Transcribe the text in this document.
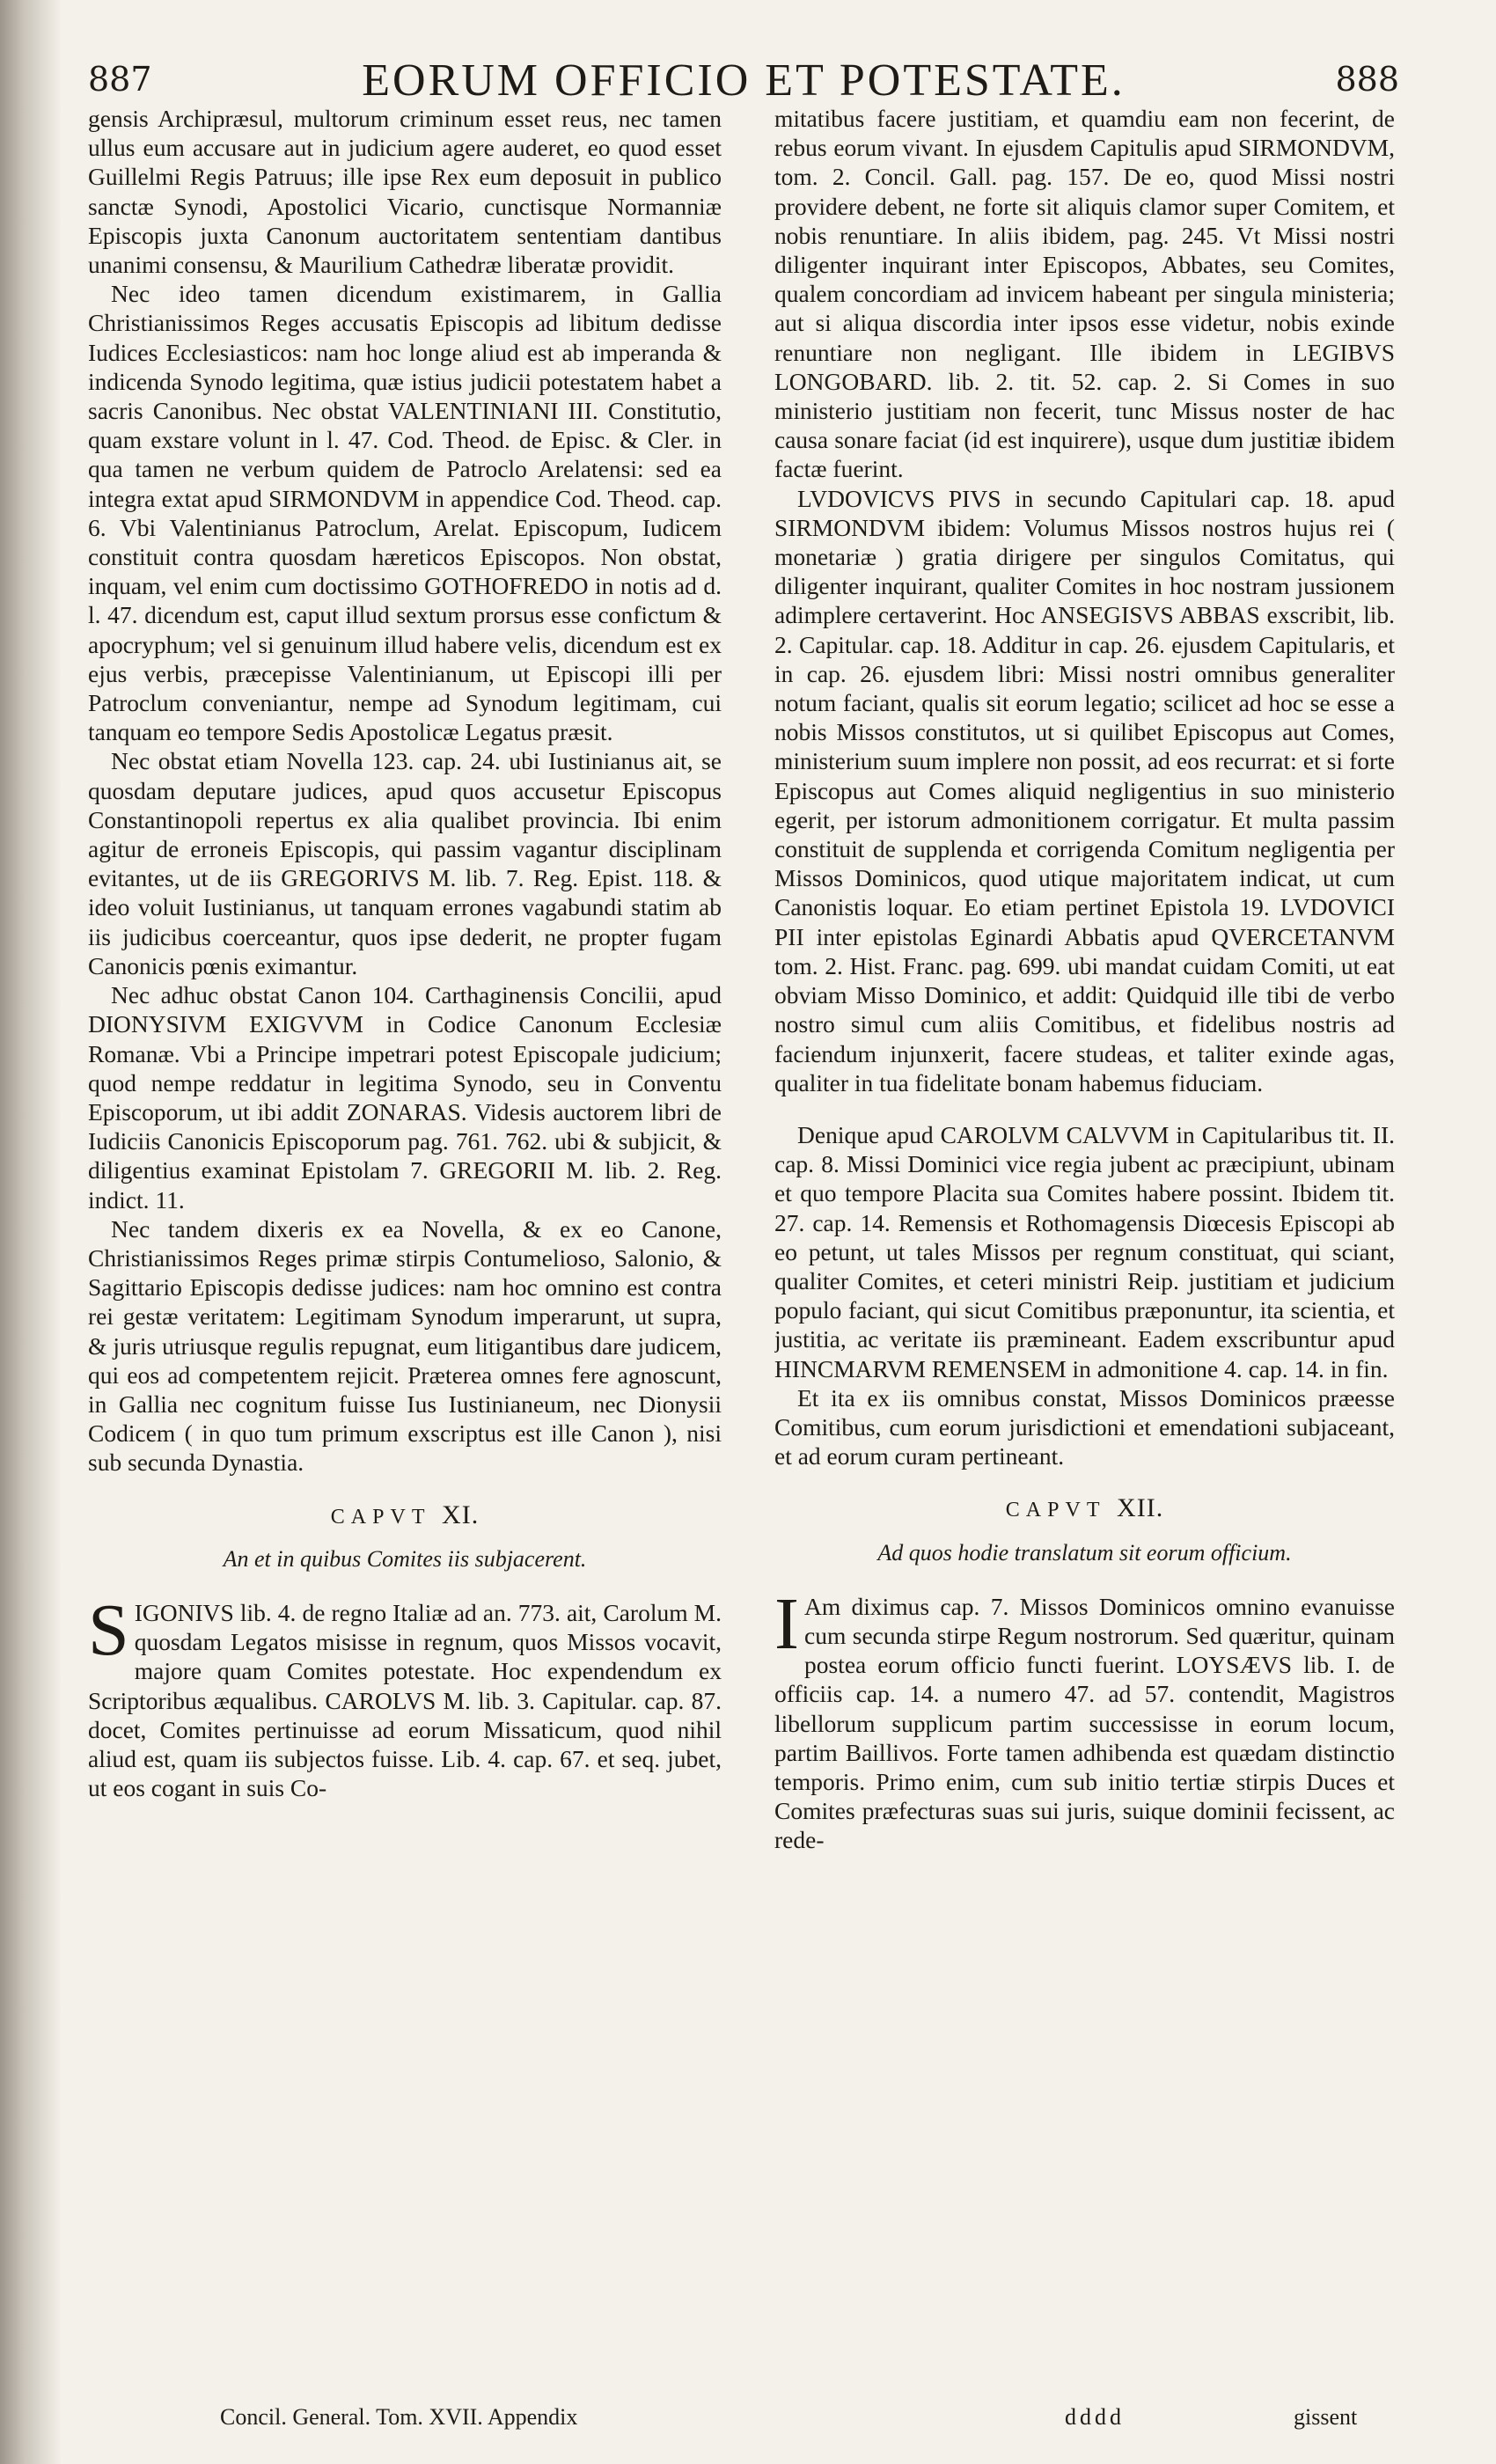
887	EORUM OFFICIO ET POTESTATE.	888

gensis Archipræsul, multorum criminum esset reus, nec tamen ullus eum accusare aut in judicium agere auderet, eo quod esset Guillelmi Regis Patruus; ille ipse Rex eum deposuit in publico sanctæ Synodi, Apostolici Vicario, cunctisque Normanniæ Episcopis juxta Canonum auctoritatem sententiam dantibus unanimi consensu, & Maurilium Cathedræ liberatæ providit.

Nec ideo tamen dicendum existimarem, in Gallia Christianissimos Reges accusatis Episcopis ad libitum dedisse Iudices Ecclesiasticos: nam hoc longe aliud est ab imperanda & indicenda Synodo legitima, quæ istius judicii potestatem habet a sacris Canonibus. Nec obstat VALENTINIANI III. Constitutio, quam exstare volunt in l. 47. Cod. Theod. de Episc. & Cler. in qua tamen ne verbum quidem de Patroclo Arelatensi: sed ea integra extat apud SIRMONDVM in appendice Cod. Theod. cap. 6. Vbi Valentinianus Patroclum, Arelat. Episcopum, Iudicem constituit contra quosdam hæreticos Episcopos. Non obstat, inquam, vel enim cum doctissimo GOTHOFREDO in notis ad d. l. 47. dicendum est, caput illud sextum prorsus esse confictum & apocryphum; vel si genuinum illud habere velis, dicendum est ex ejus verbis, præcepisse Valentinianum, ut Episcopi illi per Patroclum conveniantur, nempe ad Synodum legitimam, cui tanquam eo tempore Sedis Apostolicæ Legatus præsit.

Nec obstat etiam Novella 123. cap. 24. ubi Iustinianus ait, se quosdam deputare judices, apud quos accusetur Episcopus Constantinopoli repertus ex alia qualibet provincia. Ibi enim agitur de erroneis Episcopis, qui passim vagantur disciplinam evitantes, ut de iis GREGORIVS M. lib. 7. Reg. Epist. 118. & ideo voluit Iustinianus, ut tanquam errones vagabundi statim ab iis judicibus coerceantur, quos ipse dederit, ne propter fugam Canonicis pœnis eximantur.

Nec adhuc obstat Canon 104. Carthaginensis Concilii, apud DIONYSIVM EXIGVVM in Codice Canonum Ecclesiæ Romanæ. Vbi a Principe impetrari potest Episcopale judicium; quod nempe reddatur in legitima Synodo, seu in Conventu Episcoporum, ut ibi addit ZONARAS. Videsis auctorem libri de Iudiciis Canonicis Episcoporum pag. 761. 762. ubi & subjicit, & diligentius examinat Epistolam 7. GREGORII M. lib. 2. Reg. indict. 11.

Nec tandem dixeris ex ea Novella, & ex eo Canone, Christianissimos Reges primæ stirpis Contumelioso, Salonio, & Sagittario Episcopis dedisse judices: nam hoc omnino est contra rei gestæ veritatem: Legitimam Synodum imperarunt, ut supra, & juris utriusque regulis repugnat, eum litigantibus dare judicem, qui eos ad competentem rejicit. Præterea omnes fere agnoscunt, in Gallia nec cognitum fuisse Ius Iustinianeum, nec Dionysii Codicem ( in quo tum primum exscriptus est ille Canon ), nisi sub secunda Dynastia.

CAPVT XI.
An et in quibus Comites iis subjacerent.

SIGONIVS lib. 4. de regno Italiæ ad an. 773. ait, Carolum M. quosdam Legatos misisse in regnum, quos Missos vocavit, majore quam Comites potestate. Hoc expendendum ex Scriptoribus æqualibus. CAROLVS M. lib. 3. Capitular. cap. 87. docet, Comites pertinuisse ad eorum Missaticum, quod nihil aliud est, quam iis subjectos fuisse. Lib. 4. cap. 67. et seq. jubet, ut eos cogant in suis Co-

mitatibus facere justitiam, et quamdiu eam non fecerint, de rebus eorum vivant. In ejusdem Capitulis apud SIRMONDVM, tom. 2. Concil. Gall. pag. 157. De eo, quod Missi nostri providere debent, ne forte sit aliquis clamor super Comitem, et nobis renuntiare. In aliis ibidem, pag. 245. Vt Missi nostri diligenter inquirant inter Episcopos, Abbates, seu Comites, qualem concordiam ad invicem habeant per singula ministeria; aut si aliqua discordia inter ipsos esse videtur, nobis exinde renuntiare non negligant. Ille ibidem in LEGIBVS LONGOBARD. lib. 2. tit. 52. cap. 2. Si Comes in suo ministerio justitiam non fecerit, tunc Missus noster de hac causa sonare faciat (id est inquirere), usque dum justitiæ ibidem factæ fuerint.

LVDOVICVS PIVS in secundo Capitulari cap. 18. apud SIRMONDVM ibidem: Volumus Missos nostros hujus rei ( monetariæ ) gratia dirigere per singulos Comitatus, qui diligenter inquirant, qualiter Comites in hoc nostram jussionem adimplere certaverint. Hoc ANSEGISVS ABBAS exscribit, lib. 2. Capitular. cap. 18. Additur in cap. 26. ejusdem Capitularis, et in cap. 26. ejusdem libri: Missi nostri omnibus generaliter notum faciant, qualis sit eorum legatio; scilicet ad hoc se esse a nobis Missos constitutos, ut si quilibet Episcopus aut Comes, ministerium suum implere non possit, ad eos recurrat: et si forte Episcopus aut Comes aliquid negligentius in suo ministerio egerit, per istorum admonitionem corrigatur. Et multa passim constituit de supplenda et corrigenda Comitum negligentia per Missos Dominicos, quod utique majoritatem indicat, ut cum Canonistis loquar. Eo etiam pertinet Epistola 19. LVDOVICI PII inter epistolas Eginardi Abbatis apud QVERCETANVM tom. 2. Hist. Franc. pag. 699. ubi mandat cuidam Comiti, ut eat obviam Misso Dominico, et addit: Quidquid ille tibi de verbo nostro simul cum aliis Comitibus, et fidelibus nostris ad faciendum injunxerit, facere studeas, et taliter exinde agas, qualiter in tua fidelitate bonam habemus fiduciam.

Denique apud CAROLVM CALVVM in Capitularibus tit. II. cap. 8. Missi Dominici vice regia jubent ac præcipiunt, ubinam et quo tempore Placita sua Comites habere possint. Ibidem tit. 27. cap. 14. Remensis et Rothomagensis Diœcesis Episcopi ab eo petunt, ut tales Missos per regnum constituat, qui sciant, qualiter Comites, et ceteri ministri Reip. justitiam et judicium populo faciant, qui sicut Comitibus præponuntur, ita scientia, et justitia, ac veritate iis præmineant. Eadem exscribuntur apud HINCMARVM REMENSEM in admonitione 4. cap. 14. in fin.

Et ita ex iis omnibus constat, Missos Dominicos præesse Comitibus, cum eorum jurisdictioni et emendationi subjaceant, et ad eorum curam pertineant.

CAPVT XII.
Ad quos hodie translatum sit eorum officium.

I Am diximus cap. 7. Missos Dominicos omnino evanuisse cum secunda stirpe Regum nostrorum. Sed quæritur, quinam postea eorum officio functi fuerint. LOYSÆVS lib. I. de officiis cap. 14. a numero 47. ad 57. contendit, Magistros libellorum supplicum partim successisse in eorum locum, partim Baillivos. Forte tamen adhibenda est quædam distinctio temporis. Primo enim, cum sub initio tertiæ stirpis Duces et Comites præfecturas suas sui juris, suique dominii fecissent, ac rede-

Concil. General. Tom. XVII. Appendix	dddd	gissent
